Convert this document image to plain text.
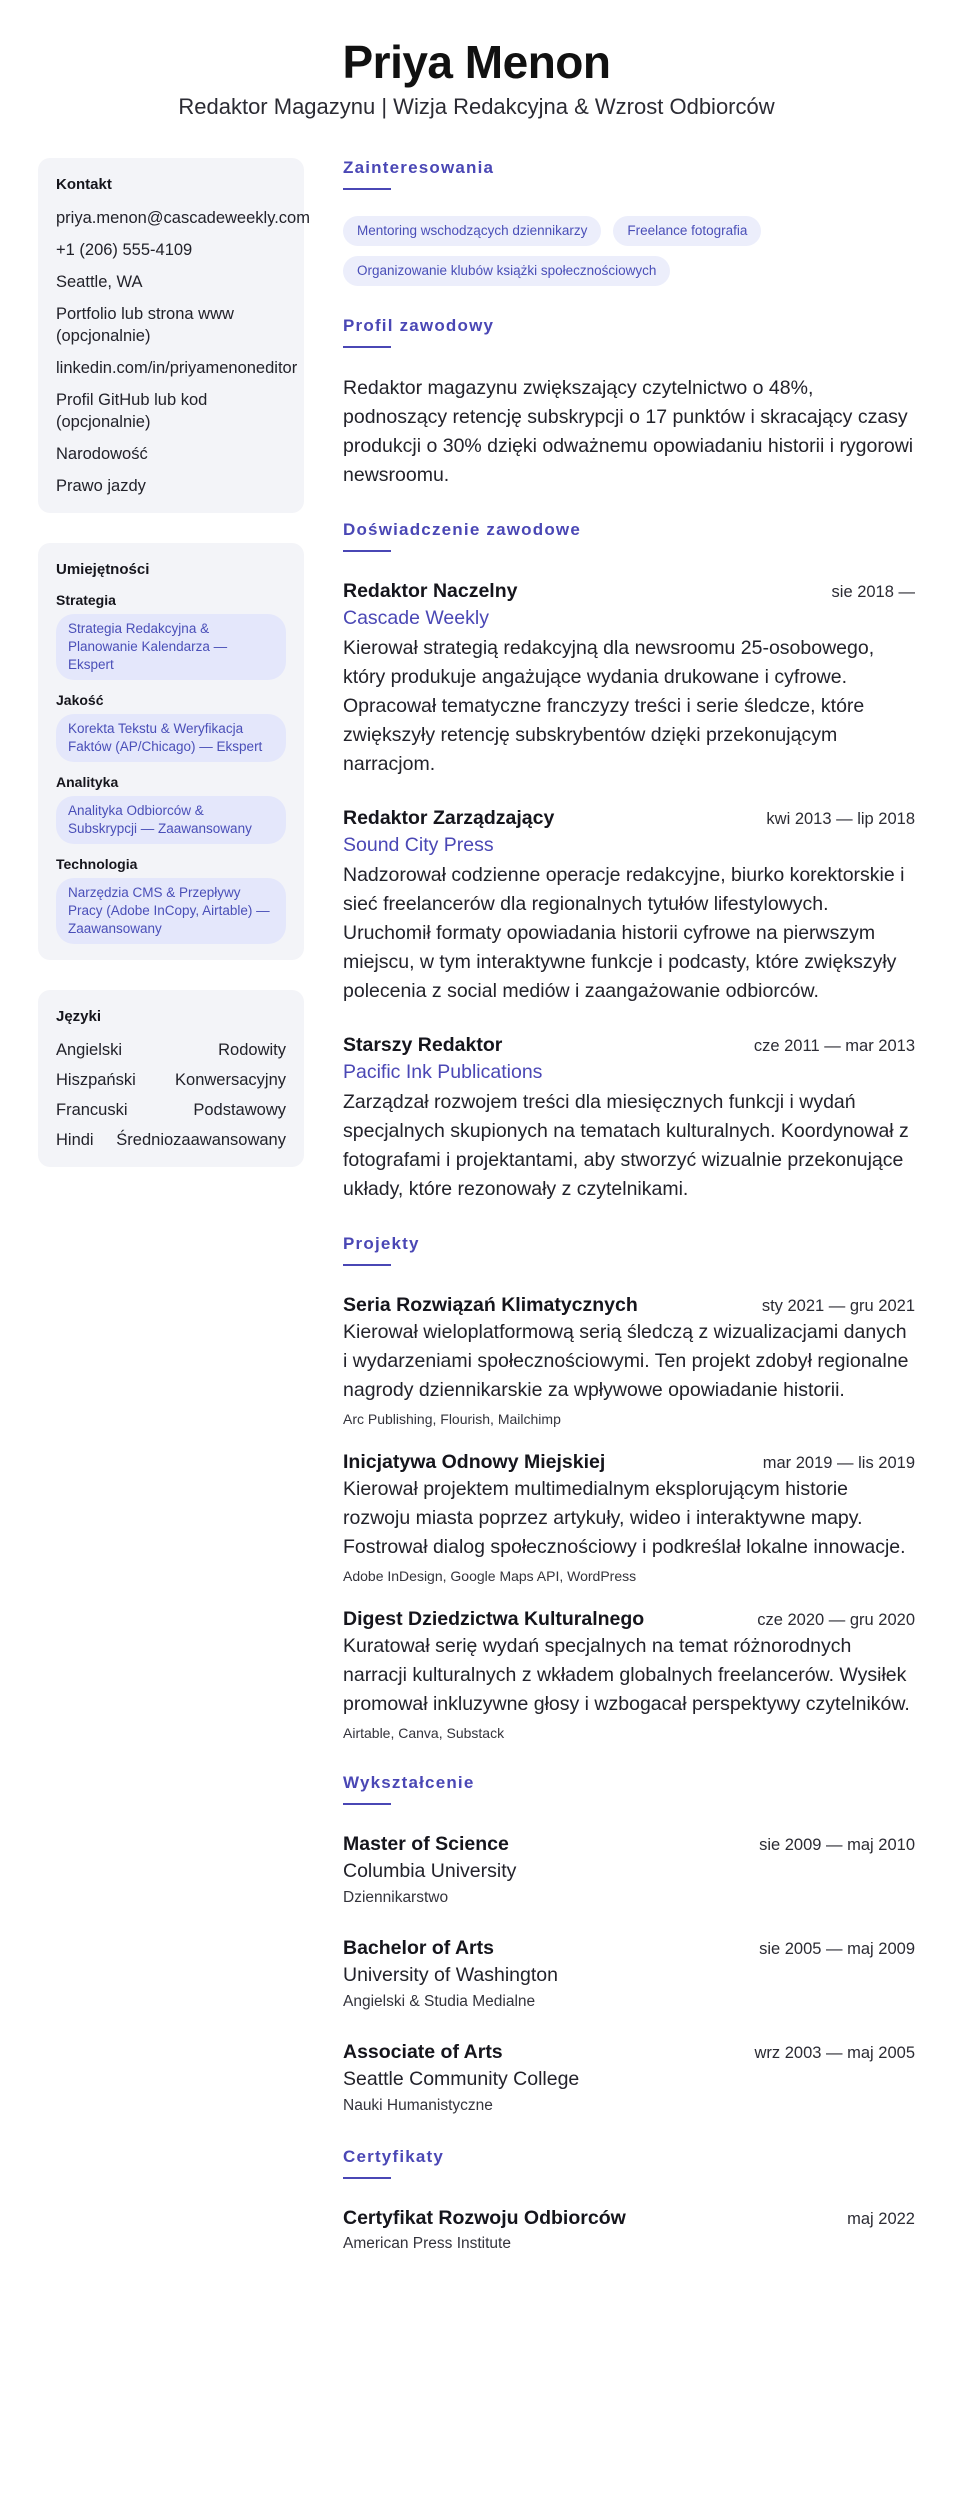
Priya Menon
Redaktor Magazynu | Wizja Redakcyjna & Wzrost Odbiorców
Kontakt
priya.menon@cascadeweekly.com
+1 (206) 555-4109
Seattle, WA
Portfolio lub strona www (opcjonalnie)
linkedin.com/in/priyamenoneditor
Profil GitHub lub kod (opcjonalnie)
Narodowość
Prawo jazdy
Umiejętności
Strategia
Strategia Redakcyjna & Planowanie Kalendarza — Ekspert
Jakość
Korekta Tekstu & Weryfikacja Faktów (AP/Chicago) — Ekspert
Analityka
Analityka Odbiorców & Subskrypcji — Zaawansowany
Technologia
Narzędzia CMS & Przepływy Pracy (Adobe InCopy, Airtable) — Zaawansowany
Języki
Angielski	Rodowity
Hiszpański Konwersacyjny
Francuski	Podstawowy
Hindi Średniozaawansowany
Zainteresowania
Mentoring wschodzących dziennikarzy	Freelance fotografia
Organizowanie klubów książki społecznościowych
Profil zawodowy

Redaktor magazynu zwiększający czytelnictwo o 48%, podnoszący retencję subskrypcji o 17 punktów i skracający czasy produkcji o 30% dzięki odważnemu opowiadaniu historii i rygorowi newsroomu.

Doświadczenie zawodowe
Redaktor Naczelny	sie 2018 —
Cascade Weekly

Kierował strategią redakcyjną dla newsroomu 25-osobowego, który produkuje angażujące wydania drukowane i cyfrowe. Opracował tematyczne franczyzy treści i serie śledcze, które zwiększyły retencję subskrybentów dzięki przekonującym narracjom.

Redaktor Zarządzający	kwi 2013 — lip 2018
Sound City Press

Nadzorował codzienne operacje redakcyjne, biurko korektorskie i sieć freelancerów dla regionalnych tytułów lifestylowych. Uruchomił formaty opowiadania historii cyfrowe na pierwszym miejscu, w tym interaktywne funkcje i podcasty, które zwiększyły polecenia z social mediów i zaangażowanie odbiorców.

Starszy Redaktor	cze 2011 — mar 2013
Pacific Ink Publications

Zarządzał rozwojem treści dla miesięcznych funkcji i wydań specjalnych skupionych na tematach kulturalnych. Koordynował z fotografami i projektantami, aby stworzyć wizualnie przekonujące układy, które rezonowały z czytelnikami.

Projekty
Seria Rozwiązań Klimatycznych	sty 2021 — gru 2021

Kierował wieloplatformową serią śledczą z wizualizacjami danych i wydarzeniami społecznościowymi. Ten projekt zdobył regionalne nagrody dziennikarskie za wpływowe opowiadanie historii.

Arc Publishing, Flourish, Mailchimp
Inicjatywa Odnowy Miejskiej	mar 2019 — lis 2019

Kierował projektem multimedialnym eksplorującym historie rozwoju miasta poprzez artykuły, wideo i interaktywne mapy. Fostrował dialog społecznościowy i podkreślał lokalne innowacje.

Adobe InDesign, Google Maps API, WordPress
Digest Dziedzictwa Kulturalnego	cze 2020 — gru 2020

Kuratował serię wydań specjalnych na temat różnorodnych narracji kulturalnych z wkładem globalnych freelancerów. Wysiłek promował inkluzywne głosy i wzbogacał perspektywy czytelników.

Airtable, Canva, Substack
Wykształcenie
Master of Science	sie 2009 — maj 2010
Columbia University
Dziennikarstwo
Bachelor of Arts	sie 2005 — maj 2009
University of Washington
Angielski & Studia Medialne
Associate of Arts	wrz 2003 — maj 2005
Seattle Community College
Nauki Humanistyczne
Certyfikaty
Certyfikat Rozwoju Odbiorców	maj 2022
American Press Institute
